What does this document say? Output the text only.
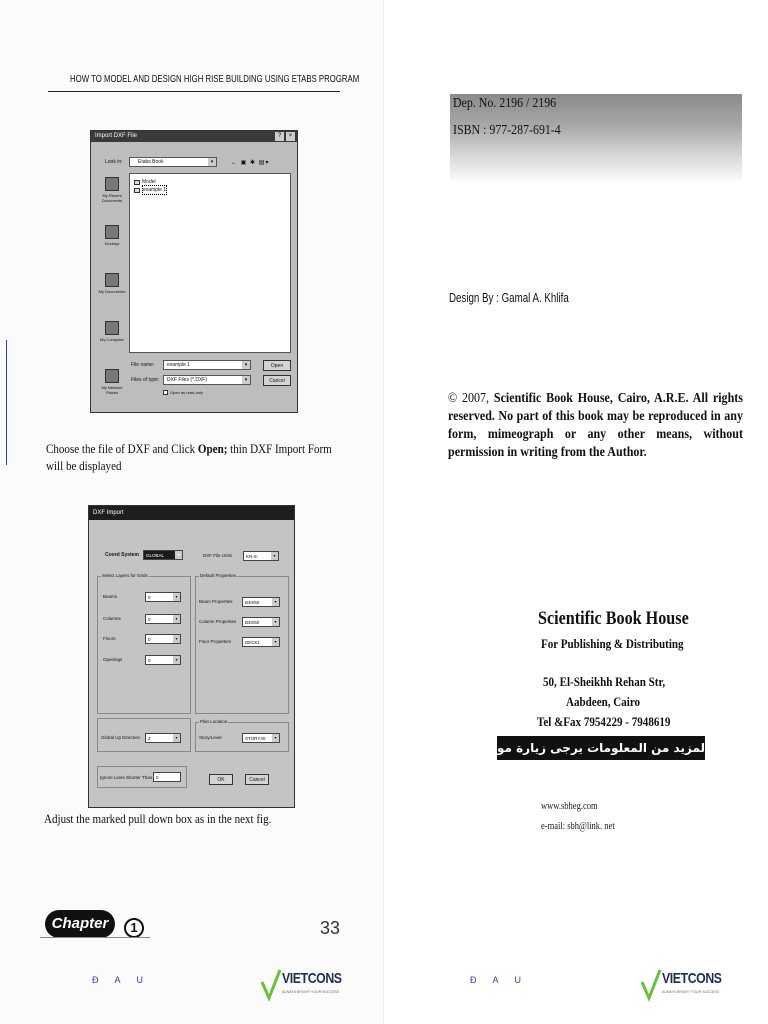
HOW TO MODEL AND DESIGN HIGH RISE BUILDING USING ETABS PROGRAM
Import DXF File	?	×
Look in:	Etabs Book	▾	← ▣ ✱ ▤▾
My Recent Documents
Desktop
My Documents
My Computer
My Network Places
Model
example 1
File name:	example 1	▾
Files of type:	DXF Files (*.DXF)	▾
Open
Cancel
Open as read-only
Choose the file of DXF and Click Open; thin DXF Import Form will be displayed
DXF Import
Coord System	GLOBAL	▾	DXF File Units	KN-m	▾
Select Layers for Grids
Beams	0	▾
Columns	0	▾
Floors	0	▾
Openings	0	▾
Default Properties
Beam Properties	B40/50	▾
Column Properties	B40/50	▾
Floor Properties	DECK1	▾
Global Up Direction	Z	▾
Plan Location
Story/Level	STORY40	▾
Ignore Lines Shorter Than 0	OK	Cancel
Adjust the marked pull down box as in the next fig.
Chapter	1	33
Đ A U	VIETCONS
ALWAYS BRIGHT YOUR SUCCESS
Dep. No. 2196 / 2196
ISBN : 977-287-691-4
Design By : Gamal A. Khlifa
© 2007, Scientific Book House, Cairo, A.R.E. All rights reserved. No part of this book may be reproduced in any form, mimeograph or any other means, without permission in writing from the Author.
Scientific Book House
For Publishing & Distributing
50, El-Sheikhh Rehan Str,
Aabdeen, Cairo
Tel &Fax 7954229 - 7948619
لمزيد من المعلومات يرجى زيارة موقعنا على الانترنت
www.sbheg.com
e-mail: sbh@link. net
Đ A U	VIETCONS
ALWAYS BRIGHT YOUR SUCCESS
